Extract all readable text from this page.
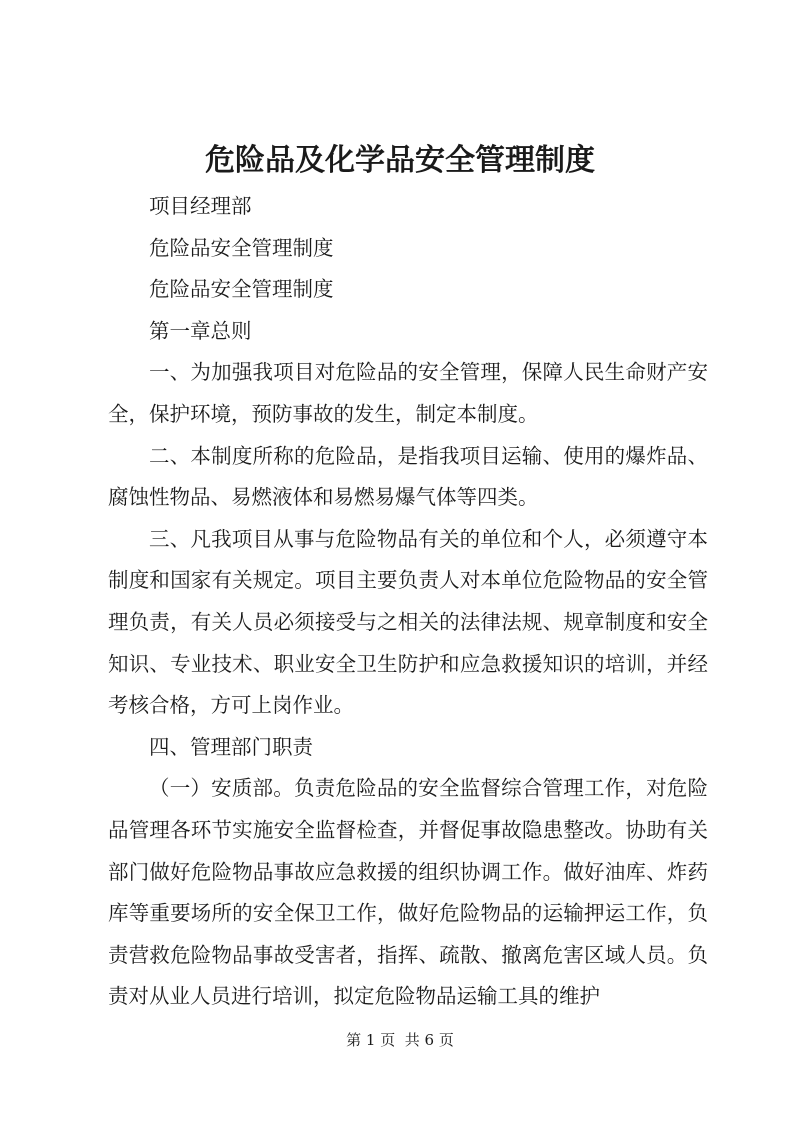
危险品及化学品安全管理制度

项目经理部

危险品安全管理制度

危险品安全管理制度

第一章总则

一、为加强我项目对危险品的安全管理，保障人民生命财产安全，保护环境，预防事故的发生，制定本制度。

二、本制度所称的危险品，是指我项目运输、使用的爆炸品、腐蚀性物品、易燃液体和易燃易爆气体等四类。

三、凡我项目从事与危险物品有关的单位和个人，必须遵守本制度和国家有关规定。项目主要负责人对本单位危险物品的安全管理负责，有关人员必须接受与之相关的法律法规、规章制度和安全知识、专业技术、职业安全卫生防护和应急救援知识的培训，并经考核合格，方可上岗作业。

四、管理部门职责

（一）安质部。负责危险品的安全监督综合管理工作，对危险品管理各环节实施安全监督检查，并督促事故隐患整改。协助有关部门做好危险物品事故应急救援的组织协调工作。做好油库、炸药库等重要场所的安全保卫工作，做好危险物品的运输押运工作，负责营救危险物品事故受害者，指挥、疏散、撤离危害区域人员。负责对从业人员进行培训，拟定危险物品运输工具的维护

第 1 页  共 6 页
